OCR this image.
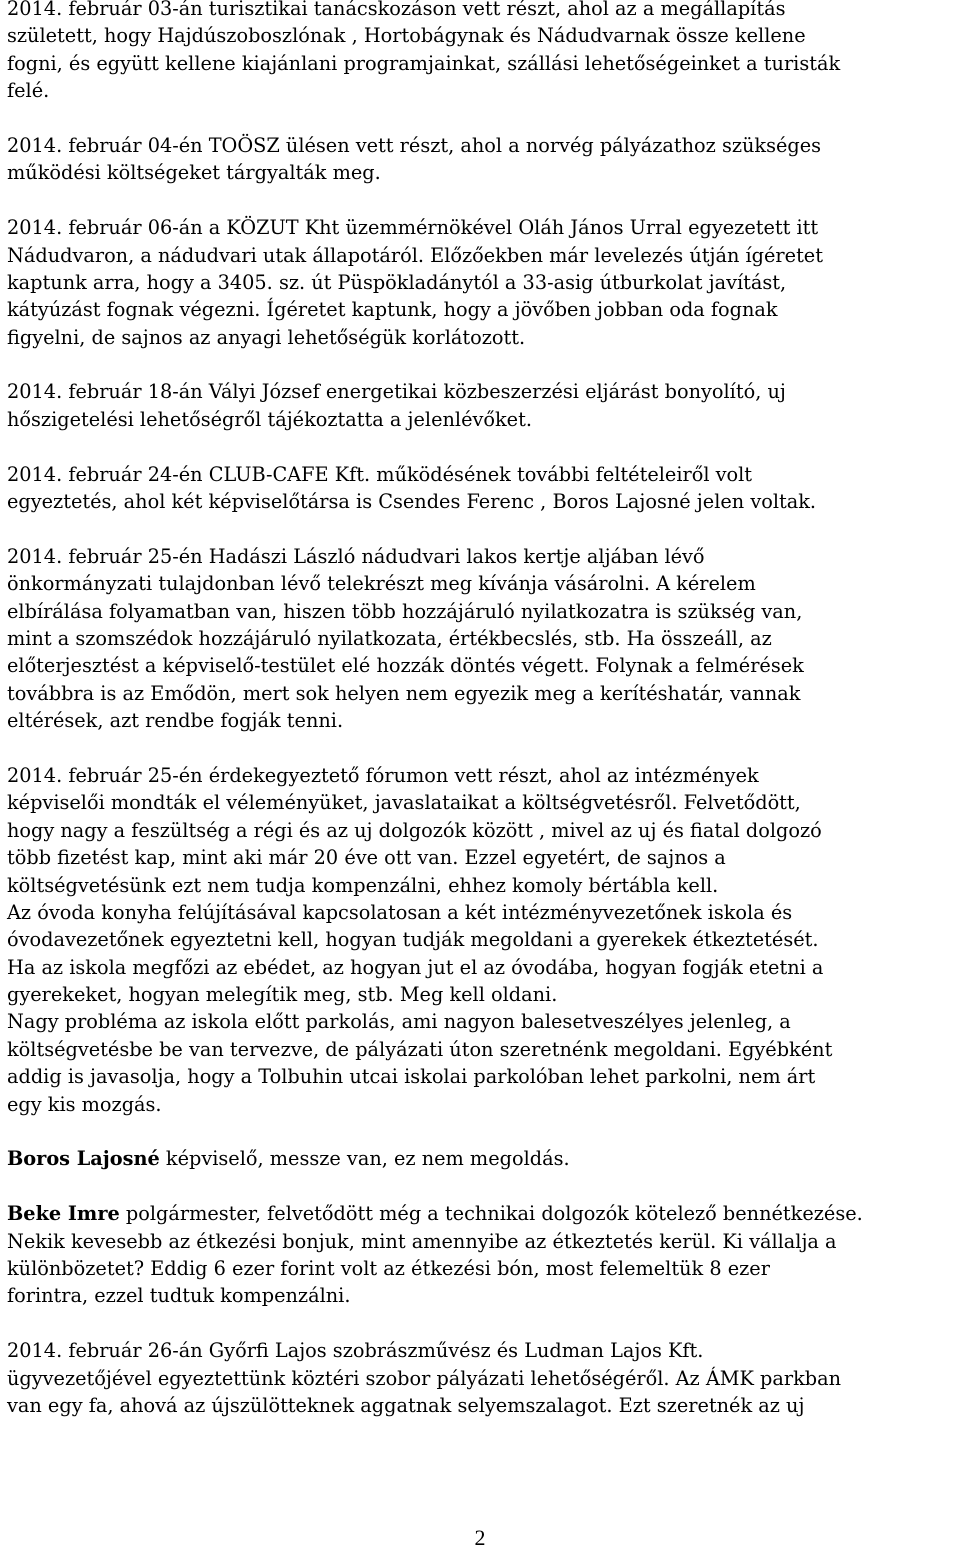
2014. február 03-án turisztikai tanácskozáson vett részt, ahol az a megállapítás
született, hogy Hajdúszoboszlónak , Hortobágynak és Nádudvarnak össze kellene
fogni, és együtt kellene kiajánlani programjainkat, szállási lehetőségeinket a turisták
felé.
2014. február 04-én TOÖSZ ülésen vett részt, ahol a norvég pályázathoz szükséges
működési költségeket tárgyalták meg.
2014. február 06-án a KÖZUT Kht üzemmérnökével Oláh János Urral egyezetett itt
Nádudvaron, a nádudvari utak állapotáról. Előzőekben már levelezés útján ígéretet
kaptunk arra, hogy a 3405. sz. út Püspökladánytól a 33-asig útburkolat javítást,
kátyúzást fognak végezni. Ígéretet kaptunk, hogy a jövőben jobban oda fognak
figyelni, de sajnos az anyagi lehetőségük korlátozott.
2014. február 18-án Vályi József energetikai közbeszerzési eljárást bonyolító, uj
hőszigetelési lehetőségről tájékoztatta a jelenlévőket.
2014. február 24-én CLUB-CAFE Kft. működésének további feltételeiről volt
egyeztetés, ahol két képviselőtársa is Csendes Ferenc , Boros Lajosné jelen voltak.
2014. február 25-én Hadászi László nádudvari lakos kertje aljában lévő
önkormányzati tulajdonban lévő telekrészt meg kívánja vásárolni. A kérelem
elbírálása folyamatban van, hiszen több hozzájáruló nyilatkozatra is szükség van,
mint a szomszédok hozzájáruló nyilatkozata, értékbecslés, stb. Ha összeáll, az
előterjesztést a képviselő-testület elé hozzák döntés végett. Folynak a felmérések
továbbra is az Emődön, mert sok helyen nem egyezik meg a kerítéshatár, vannak
eltérések, azt rendbe fogják tenni.
2014. február 25-én érdekegyeztető fórumon vett részt, ahol az intézmények
képviselői mondták el véleményüket, javaslataikat a költségvetésről. Felvetődött,
hogy nagy a feszültség a régi és az uj dolgozók között , mivel az uj és fiatal dolgozó
több fizetést kap, mint aki már 20 éve ott van. Ezzel egyetért, de sajnos a
költségvetésünk ezt nem tudja kompenzálni, ehhez komoly bértábla kell.
Az óvoda konyha felújításával kapcsolatosan a két intézményvezetőnek iskola és
óvodavezetőnek egyeztetni kell, hogyan tudják megoldani a gyerekek étkeztetését.
Ha az iskola megfőzi az ebédet, az hogyan jut el az óvodába, hogyan fogják etetni a
gyerekeket, hogyan melegítik meg, stb. Meg kell oldani.
Nagy probléma az iskola előtt parkolás, ami nagyon balesetveszélyes jelenleg, a
költségvetésbe be van tervezve, de pályázati úton szeretnénk megoldani. Egyébként
addig is javasolja, hogy a Tolbuhin utcai iskolai parkolóban lehet parkolni, nem árt
egy kis mozgás.
Boros Lajosné képviselő, messze van, ez nem megoldás.
Beke Imre polgármester, felvetődött még a technikai dolgozók kötelező bennétkezése.
Nekik kevesebb az étkezési bonjuk, mint amennyibe az étkeztetés kerül. Ki vállalja a
különbözetet? Eddig 6 ezer forint volt az étkezési bón, most felemeltük 8 ezer
forintra, ezzel tudtuk kompenzálni.
2014. február 26-án Győrfi Lajos szobrászművész és Ludman Lajos Kft.
ügyvezetőjével egyeztettünk köztéri szobor pályázati lehetőségéről. Az ÁMK parkban
van egy fa, ahová az újszülötteknek aggatnak selyemszalagot. Ezt szeretnék az uj
2
